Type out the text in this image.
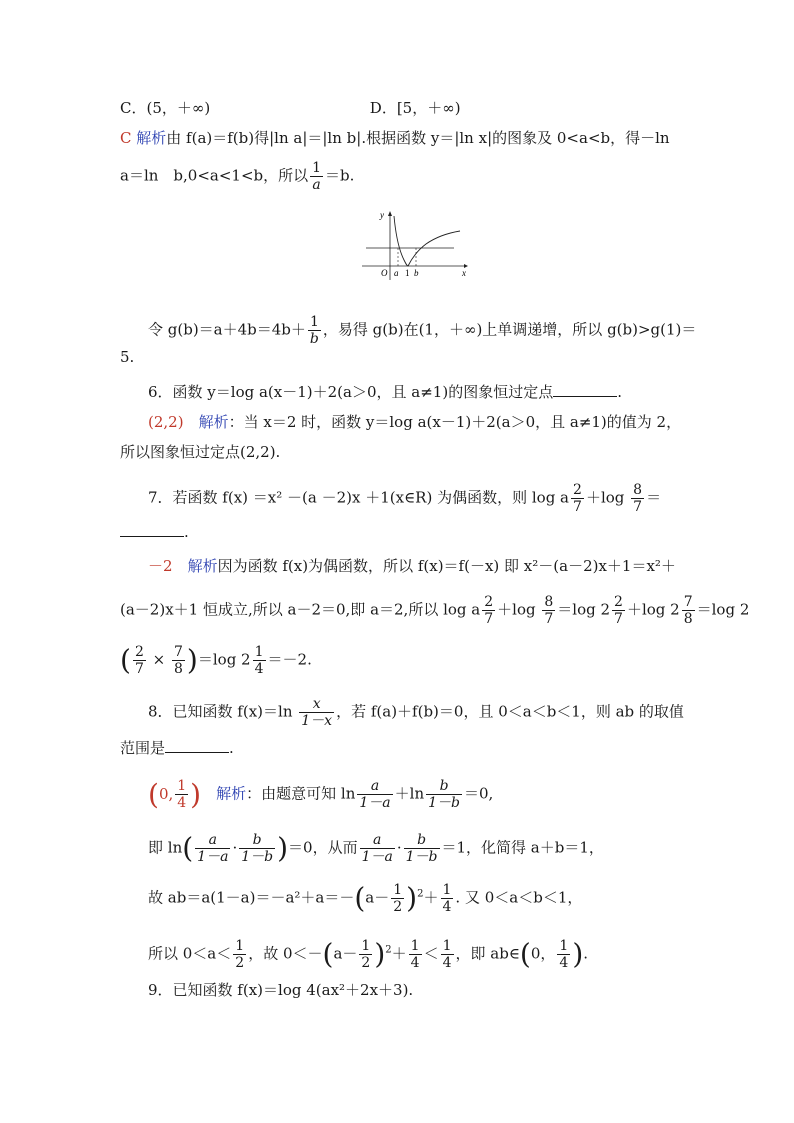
C．(5，＋∞)	D．[5，＋∞)
C 解析由 f(a)＝f(b)得|ln a|＝|ln b|.根据函数 y＝|ln x|的图象及 0<a<b，得－ln
a＝ln　b,0<a<1<b，所以 $\frac{1}{a} =b$.
y
x
O a 1 b
令 $g(b)=a+4b=4b+ \frac{1}{b}$ ，易得 g(b)在(1，＋∞)上单调递增，所以 g(b)>g(1)＝
5.
6．函数 y＝log a(x－1)＋2(a＞0，且 a≠1)的图象恒过定点	.
(2,2)　 解析：当 x＝2 时，函数 y＝log a(x－1)＋2(a＞0，且 a≠1)的值为 2，
所以图象恒过定点(2,2).
7．若函数 f(x) ＝x² －(a －2)x ＋1(x∈R) 为偶函数，则 log a $\frac{2}{7} +\log \frac{8}{7}$ ＝
.
－2　 解析因为函数 f(x)为偶函数，所以 f(x)＝f(－x) 即 x²－(a－2)x＋1＝x²＋
(a－2)x＋1 恒成立,所以 a－2＝0,即 a＝2,所以 log a $\frac{2}{7} +\log \frac{8}{7} =\log$ $2 \frac{2}{7} +\log$ $2 \frac{7}{8} =\log$ 2
( $\frac{2}{7} \times \frac{7}{8} )=\log$ $2 \frac{1}{4} =-2$.
8．已知函数 $f(x)=\ln \frac{x}{1-x}$ ，若 f(a)＋f(b)＝0，且 0＜a＜b＜1，则 ab 的取值
范围是	.
(0, $\frac{1}{4}$ )　 解析：由题意可知 $\ln \frac{a}{1-a} +\ln \frac{b}{1-b} =0$,
即 $\ln( \frac{a}{1-a} \cdot \frac{b}{1-b} )=0$，从而 $\frac{a}{1-a} \cdot \frac{b}{1-b} =1$，化简得 a＋b＝1，
故 $ab=a(1-a)=-a^2+a=-(a- \frac{1}{2} )^2+ \frac{1}{4}$ . 又 0＜a＜b＜1，
所以 $0<a< \frac{1}{2}$ ，故 $0<-(a- \frac{1}{2} )^2+ \frac{1}{4} < \frac{1}{4}$ ，即 ab∈(0， $\frac{1}{4}$ ).
9．已知函数 f(x)＝log 4(ax²＋2x＋3).
